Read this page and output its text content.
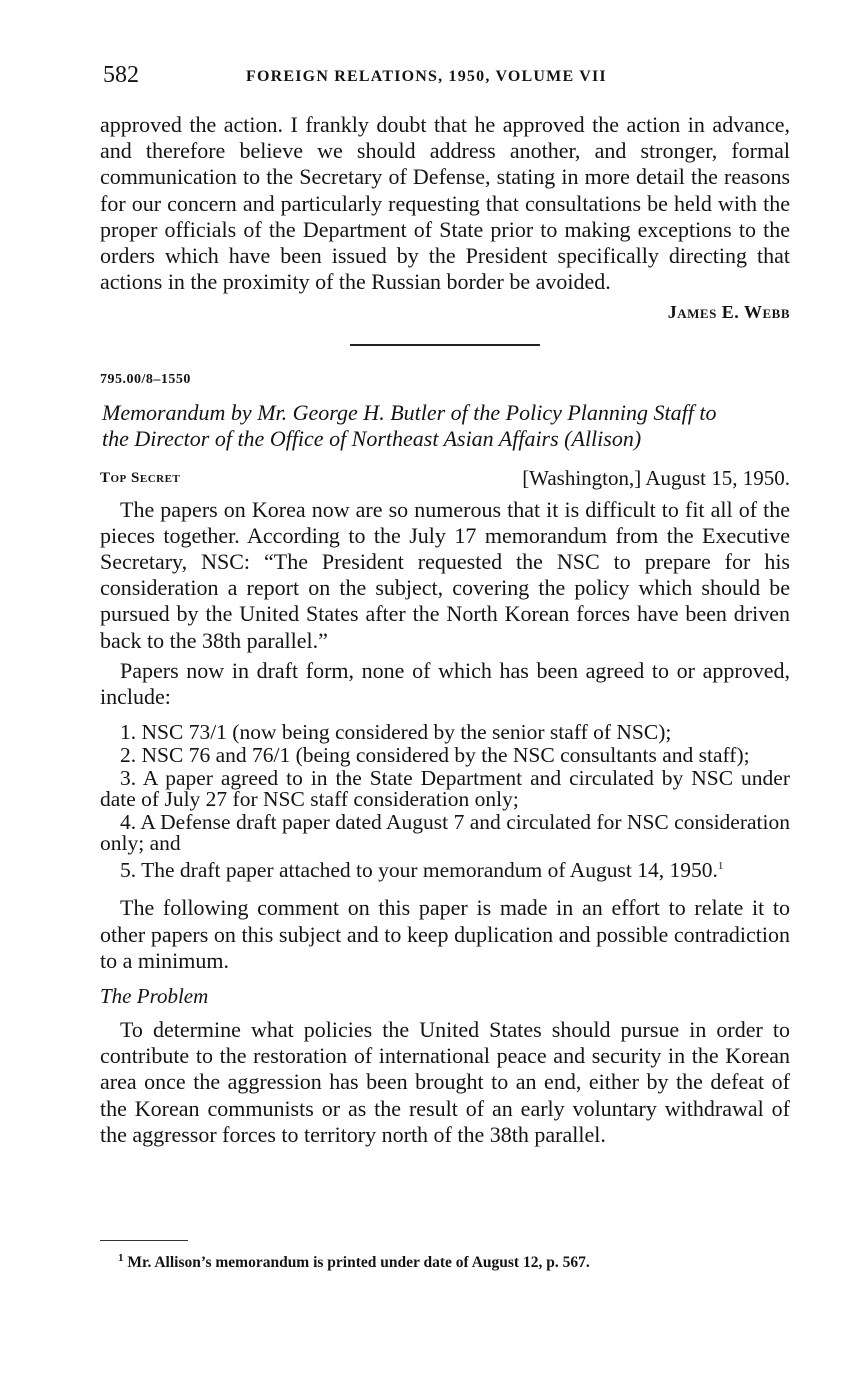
582	FOREIGN RELATIONS, 1950, VOLUME VII

approved the action. I frankly doubt that he approved the action in advance, and therefore believe we should address another, and stronger, formal communication to the Secretary of Defense, stating in more detail the reasons for our concern and particularly requesting that consultations be held with the proper officials of the Department of State prior to making exceptions to the orders which have been issued by the President specifically directing that actions in the proximity of the Russian border be avoided.

James E. Webb
795.00/8–1550
Memorandum by Mr. George H. Butler of the Policy Planning Staff to
the Director of the Office of Northeast Asian Affairs (Allison)
Top Secret	[Washington,] August 15, 1950.

The papers on Korea now are so numerous that it is difficult to fit all of the pieces together. According to the July 17 memorandum from the Executive Secretary, NSC: “The President requested the NSC to prepare for his consideration a report on the subject, covering the policy which should be pursued by the United States after the North Korean forces have been driven back to the 38th parallel.”

Papers now in draft form, none of which has been agreed to or approved, include:

1. NSC 73/1 (now being considered by the senior staff of NSC);

2. NSC 76 and 76/1 (being considered by the NSC consultants and staff);

3. A paper agreed to in the State Department and circulated by NSC under date of July 27 for NSC staff consideration only;

4. A Defense draft paper dated August 7 and circulated for NSC consideration only; and

5. The draft paper attached to your memorandum of August 14, 1950.$^1$

The following comment on this paper is made in an effort to relate it to other papers on this subject and to keep duplication and possible contradiction to a minimum.

The Problem

To determine what policies the United States should pursue in order to contribute to the restoration of international peace and security in the Korean area once the aggression has been brought to an end, either by the defeat of the Korean communists or as the result of an early voluntary withdrawal of the aggressor forces to territory north of the 38th parallel.

$^1$ Mr. Allison’s memorandum is printed under date of August 12, p. 567.
